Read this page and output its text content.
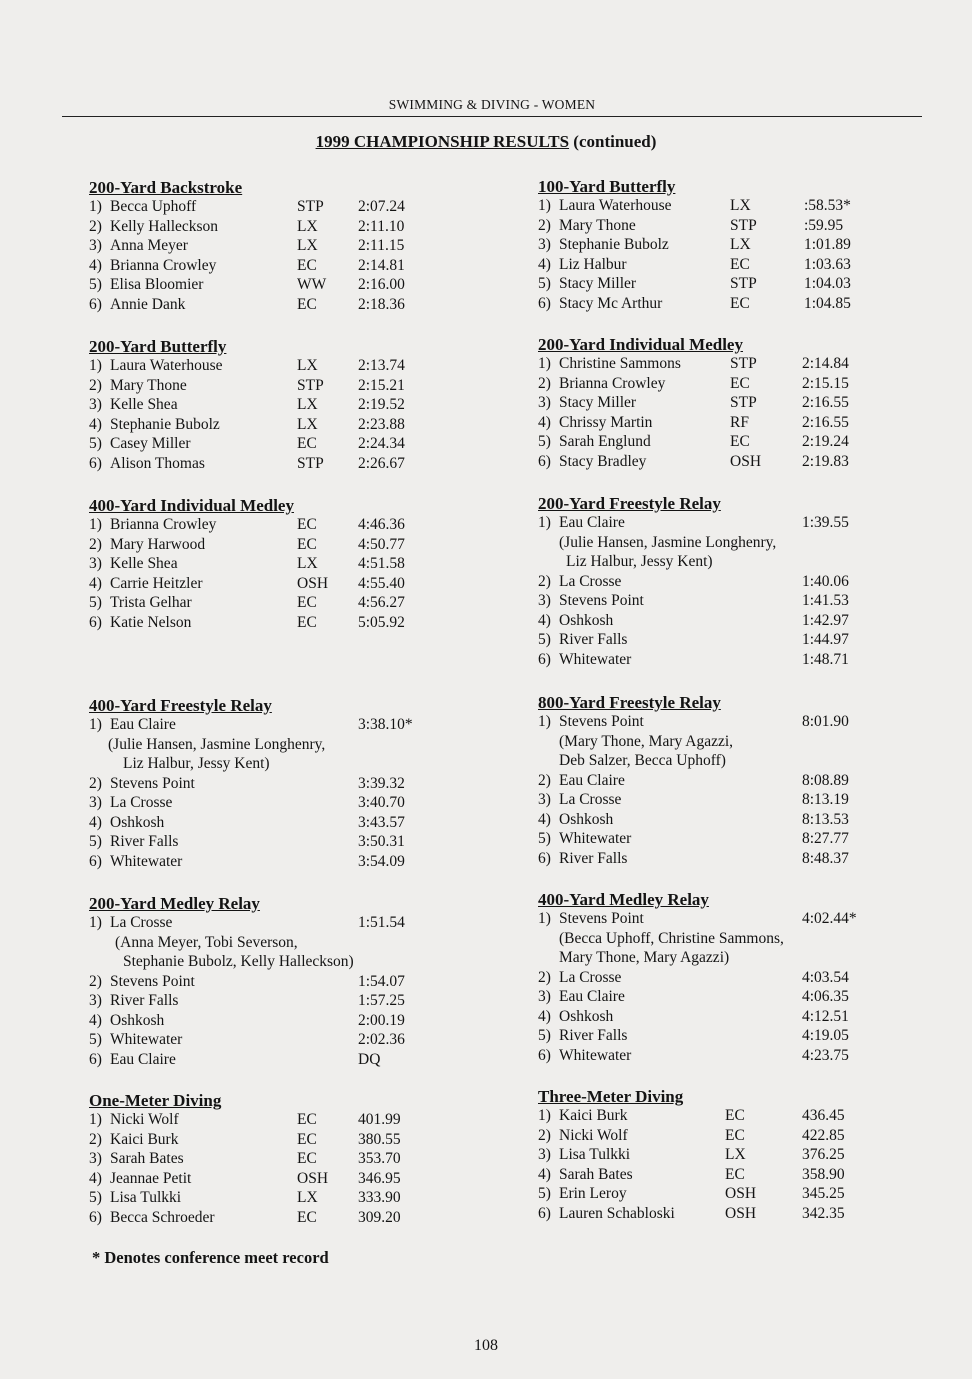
SWIMMING & DIVING - WOMEN
1999 CHAMPIONSHIP RESULTS (continued)
200-Yard Backstroke
1) Becca Uphoff	STP 2:07.24
2) Kelly Halleckson	LX	2:11.10
3) Anna Meyer	LX	2:11.15
4) Brianna Crowley	EC	2:14.81
5) Elisa Bloomier	WW 2:16.00
6) Annie Dank	EC	2:18.36
200-Yard Butterfly
1) Laura Waterhouse	LX	2:13.74
2) Mary Thone	STP 2:15.21
3) Kelle Shea	LX	2:19.52
4) Stephanie Bubolz	LX	2:23.88
5) Casey Miller	EC	2:24.34
6) Alison Thomas	STP 2:26.67
400-Yard Individual Medley
1) Brianna Crowley	EC	4:46.36
2) Mary Harwood	EC	4:50.77
3) Kelle Shea	LX	4:51.58
4) Carrie Heitzler	OSH 4:55.40
5) Trista Gelhar	EC	4:56.27
6) Katie Nelson	EC	5:05.92
400-Yard Freestyle Relay
1) Eau Claire	3:38.10*
(Julie Hansen, Jasmine Longhenry,
Liz Halbur, Jessy Kent)
2) Stevens Point	3:39.32
3) La Crosse	3:40.70
4) Oshkosh	3:43.57
5) River Falls	3:50.31
6) Whitewater	3:54.09
200-Yard Medley Relay
1) La Crosse	1:51.54
(Anna Meyer, Tobi Severson,
Stephanie Bubolz, Kelly Halleckson)
2) Stevens Point	1:54.07
3) River Falls	1:57.25
4) Oshkosh	2:00.19
5) Whitewater	2:02.36
6) Eau Claire	DQ
One-Meter Diving
1) Nicki Wolf	EC	401.99
2) Kaici Burk	EC	380.55
3) Sarah Bates	EC	353.70
4) Jeannae Petit	OSH 346.95
5) Lisa Tulkki	LX	333.90
6) Becca Schroeder	EC	309.20
100-Yard Butterfly
1) Laura Waterhouse	LX	:58.53*
2) Mary Thone	STP	:59.95
3) Stephanie Bubolz	LX	1:01.89
4) Liz Halbur	EC	1:03.63
5) Stacy Miller	STP	1:04.03
6) Stacy Mc Arthur	EC	1:04.85
200-Yard Individual Medley
1) Christine Sammons	STP	2:14.84
2) Brianna Crowley	EC	2:15.15
3) Stacy Miller	STP	2:16.55
4) Chrissy Martin	RF	2:16.55
5) Sarah Englund	EC	2:19.24
6) Stacy Bradley	OSH	2:19.83
200-Yard Freestyle Relay
1) Eau Claire	1:39.55
(Julie Hansen, Jasmine Longhenry,
Liz Halbur, Jessy Kent)
2) La Crosse	1:40.06
3) Stevens Point	1:41.53
4) Oshkosh	1:42.97
5) River Falls	1:44.97
6) Whitewater	1:48.71
800-Yard Freestyle Relay
1) Stevens Point	8:01.90
(Mary Thone, Mary Agazzi,
Deb Salzer, Becca Uphoff)
2) Eau Claire	8:08.89
3) La Crosse	8:13.19
4) Oshkosh	8:13.53
5) Whitewater	8:27.77
6) River Falls	8:48.37
400-Yard Medley Relay
1) Stevens Point	4:02.44*
(Becca Uphoff, Christine Sammons,
Mary Thone, Mary Agazzi)
2) La Crosse	4:03.54
3) Eau Claire	4:06.35
4) Oshkosh	4:12.51
5) River Falls	4:19.05
6) Whitewater	4:23.75
Three-Meter Diving
1) Kaici Burk	EC	436.45
2) Nicki Wolf	EC	422.85
3) Lisa Tulkki	LX	376.25
4) Sarah Bates	EC	358.90
5) Erin Leroy	OSH	345.25
6) Lauren Schabloski	OSH	342.35
* Denotes conference meet record
108
